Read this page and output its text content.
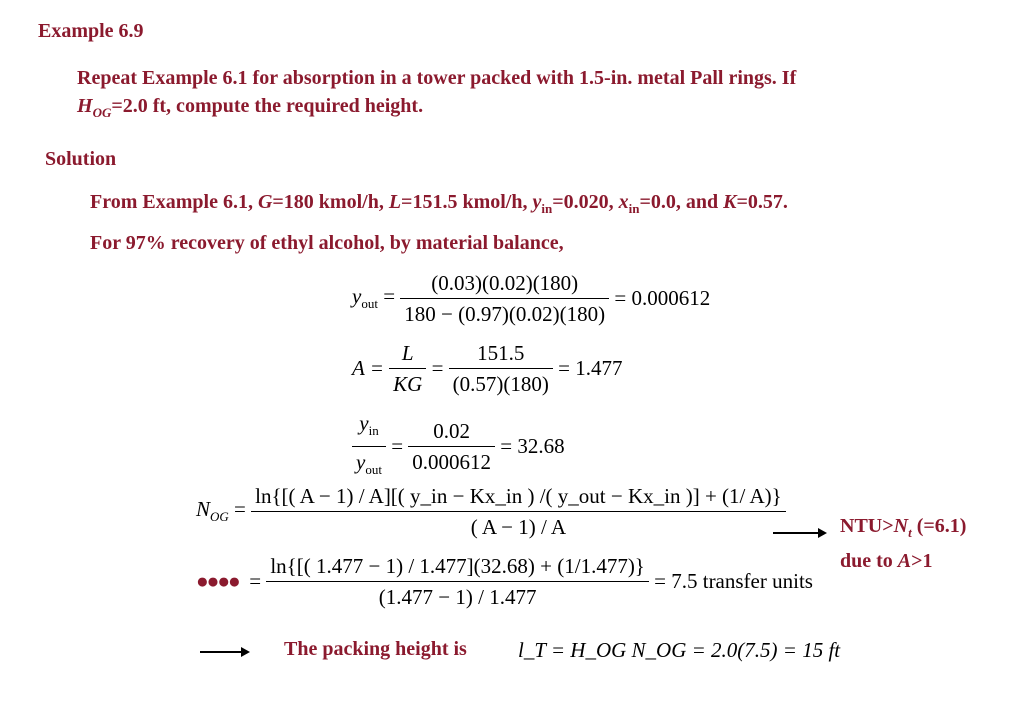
Example 6.9
Repeat Example 6.1 for absorption in a tower packed with 1.5-in. metal Pall rings. If
$H_{OG}=2.0$ ft, compute the required height.
Solution
From Example 6.1, G=180 kmol/h, L=151.5 kmol/h, $y_{in}=0.020$, $x_{in}=0.0$, and K=0.57.
For 97% recovery of ethyl alcohol, by material balance,
$y_{out} = \frac{(0.03)(0.02)(180)}{180 - (0.97)(0.02)(180)} = 0.000612$
$A = \frac{L}{KG} = \frac{151.5}{(0.57)(180)} = 1.477$
$\frac{y_{in}}{y_{out}} = \frac{0.02}{0.000612} = 32.68$
$N_{OG}$ =
ln{[( A − 1) / A][( y_in − Kx_in ) /( y_out − Kx_in )] + (1/ A)}
( A − 1) / A	$NTU>N_t$ (=6.1)
due to A>1
●●●●  = $\frac{\ln\{[( 1.477 - 1) / 1.477](32.68) + (1/1.477)\}}{(1.477 - 1) / 1.477} = 7.5$ transfer units
The packing height is l_T = H_OG N_OG = 2.0(7.5) = 15 ft
